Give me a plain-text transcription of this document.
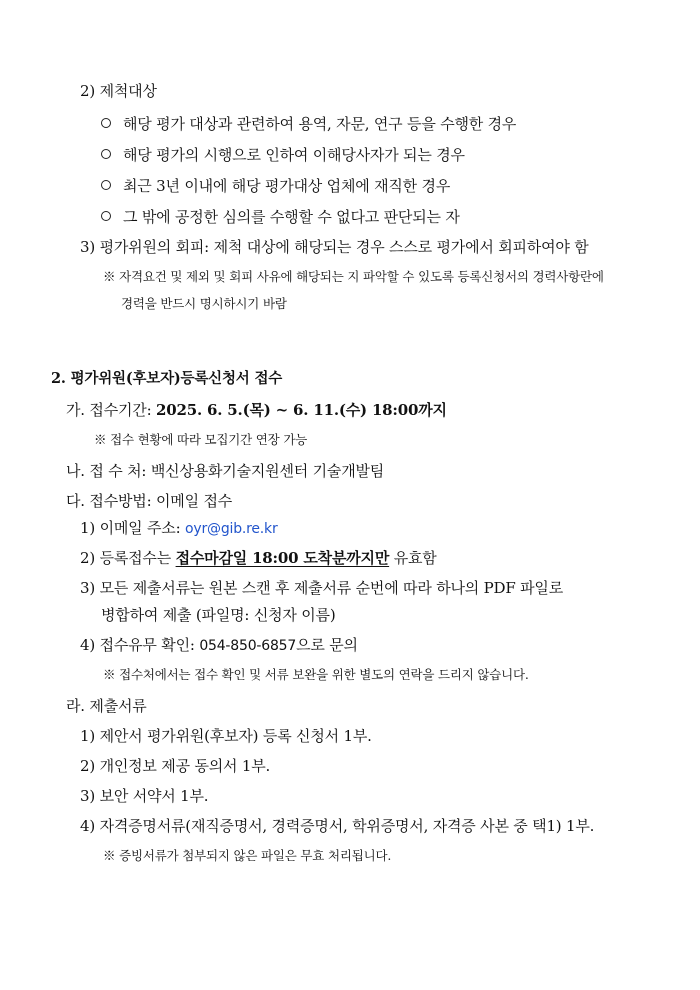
2) 제척대상
해당 평가 대상과 관련하여 용역, 자문, 연구 등을 수행한 경우
해당 평가의 시행으로 인하여 이해당사자가 되는 경우
최근 3년 이내에 해당 평가대상 업체에 재직한 경우
그 밖에 공정한 심의를 수행할 수 없다고 판단되는 자
3) 평가위원의 회피: 제척 대상에 해당되는 경우 스스로 평가에서 회피하여야 함
※ 자격요건 및 제외 및 회피 사유에 해당되는 지 파악할 수 있도록 등록신청서의 경력사항란에
경력을 반드시 명시하시기 바람
2. 평가위원(후보자)등록신청서 접수
가. 접수기간: 2025. 6. 5.(목) ~ 6. 11.(수) 18:00까지
※ 접수 현황에 따라 모집기간 연장 가능
나. 접 수 처: 백신상용화기술지원센터 기술개발팀
다. 접수방법: 이메일 접수
1) 이메일 주소: oyr@gib.re.kr
2) 등록접수는 접수마감일 18:00 도착분까지만 유효함
3) 모든 제출서류는 원본 스캔 후 제출서류 순번에 따라 하나의 PDF 파일로
병합하여 제출 (파일명: 신청자 이름)
4) 접수유무 확인: 054-850-6857으로 문의
※ 접수처에서는 접수 확인 및 서류 보완을 위한 별도의 연락을 드리지 않습니다.
라. 제출서류
1) 제안서 평가위원(후보자) 등록 신청서 1부.
2) 개인정보 제공 동의서 1부.
3) 보안 서약서 1부.
4) 자격증명서류(재직증명서, 경력증명서, 학위증명서, 자격증 사본 중 택1) 1부.
※ 증빙서류가 첨부되지 않은 파일은 무효 처리됩니다.
